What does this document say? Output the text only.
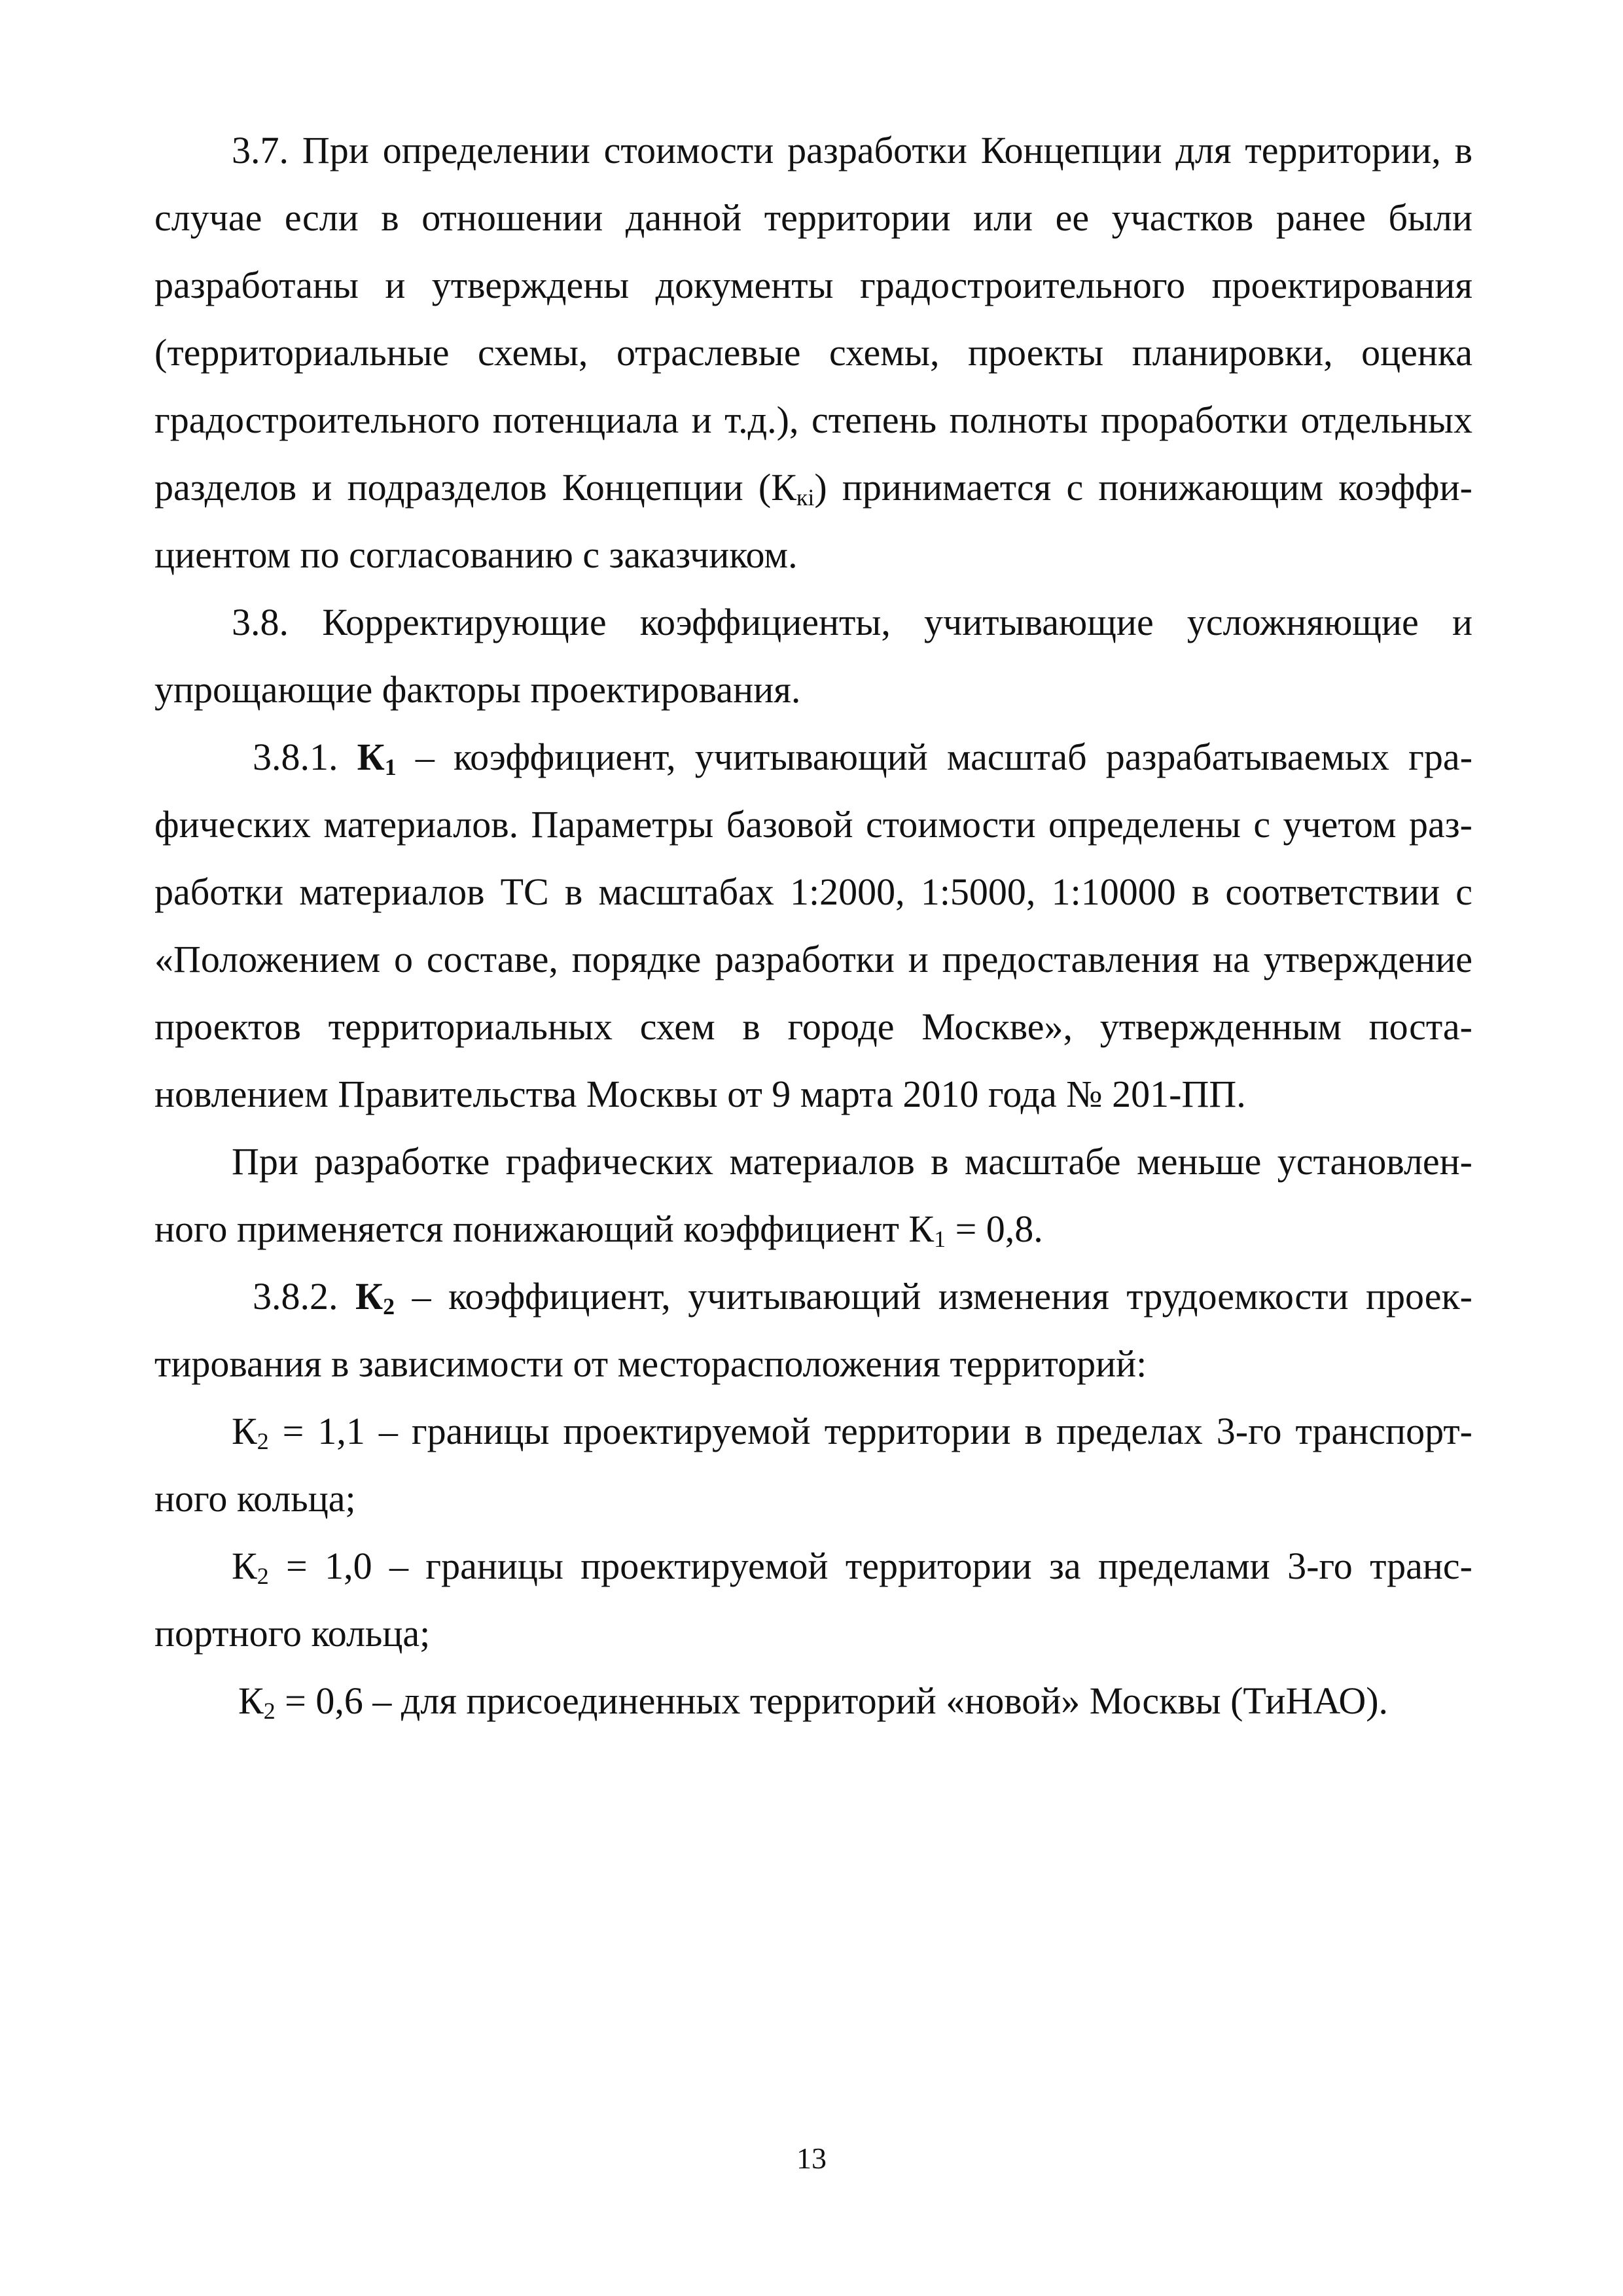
3.7. При определении стоимости разработки Концепции для территории, в случае если в отношении данной территории или ее участков ранее были разработаны и утверждены документы градостроительного проектирования (территориальные схемы, отраслевые схемы, проекты планировки, оценка градостроительного потенциала и т.д.), степень полноты проработки отдельных разделов и подразделов Концепции $(К_{кi})$ принимается с понижающим коэффициентом по согласованию с заказчиком.

3.8. Корректирующие коэффициенты, учитывающие усложняющие и упрощающие факторы проектирования.

3.8.1. $К_1$ – коэффициент, учитывающий масштаб разрабатываемых графических материалов. Параметры базовой стоимости определены с учетом разработки материалов ТС в масштабах 1:2000, 1:5000, 1:10000 в соответствии с «Положением о составе, порядке разработки и предоставления на утверждение проектов территориальных схем в городе Москве», утвержденным постановлением Правительства Москвы от 9 марта 2010 года № 201-ПП.

При разработке графических материалов в масштабе меньше установленного применяется понижающий коэффициент $К_1 = 0,8$.

3.8.2. $К_2$ – коэффициент, учитывающий изменения трудоемкости проектирования в зависимости от месторасположения территорий:

$К_2 = 1,1$ – границы проектируемой территории в пределах 3-го транспортного кольца;

$К_2 = 1,0$ – границы проектируемой территории за пределами 3-го транспортного кольца;

$К_2 = 0,6$ – для присоединенных территорий «новой» Москвы (ТиНАО).

13
